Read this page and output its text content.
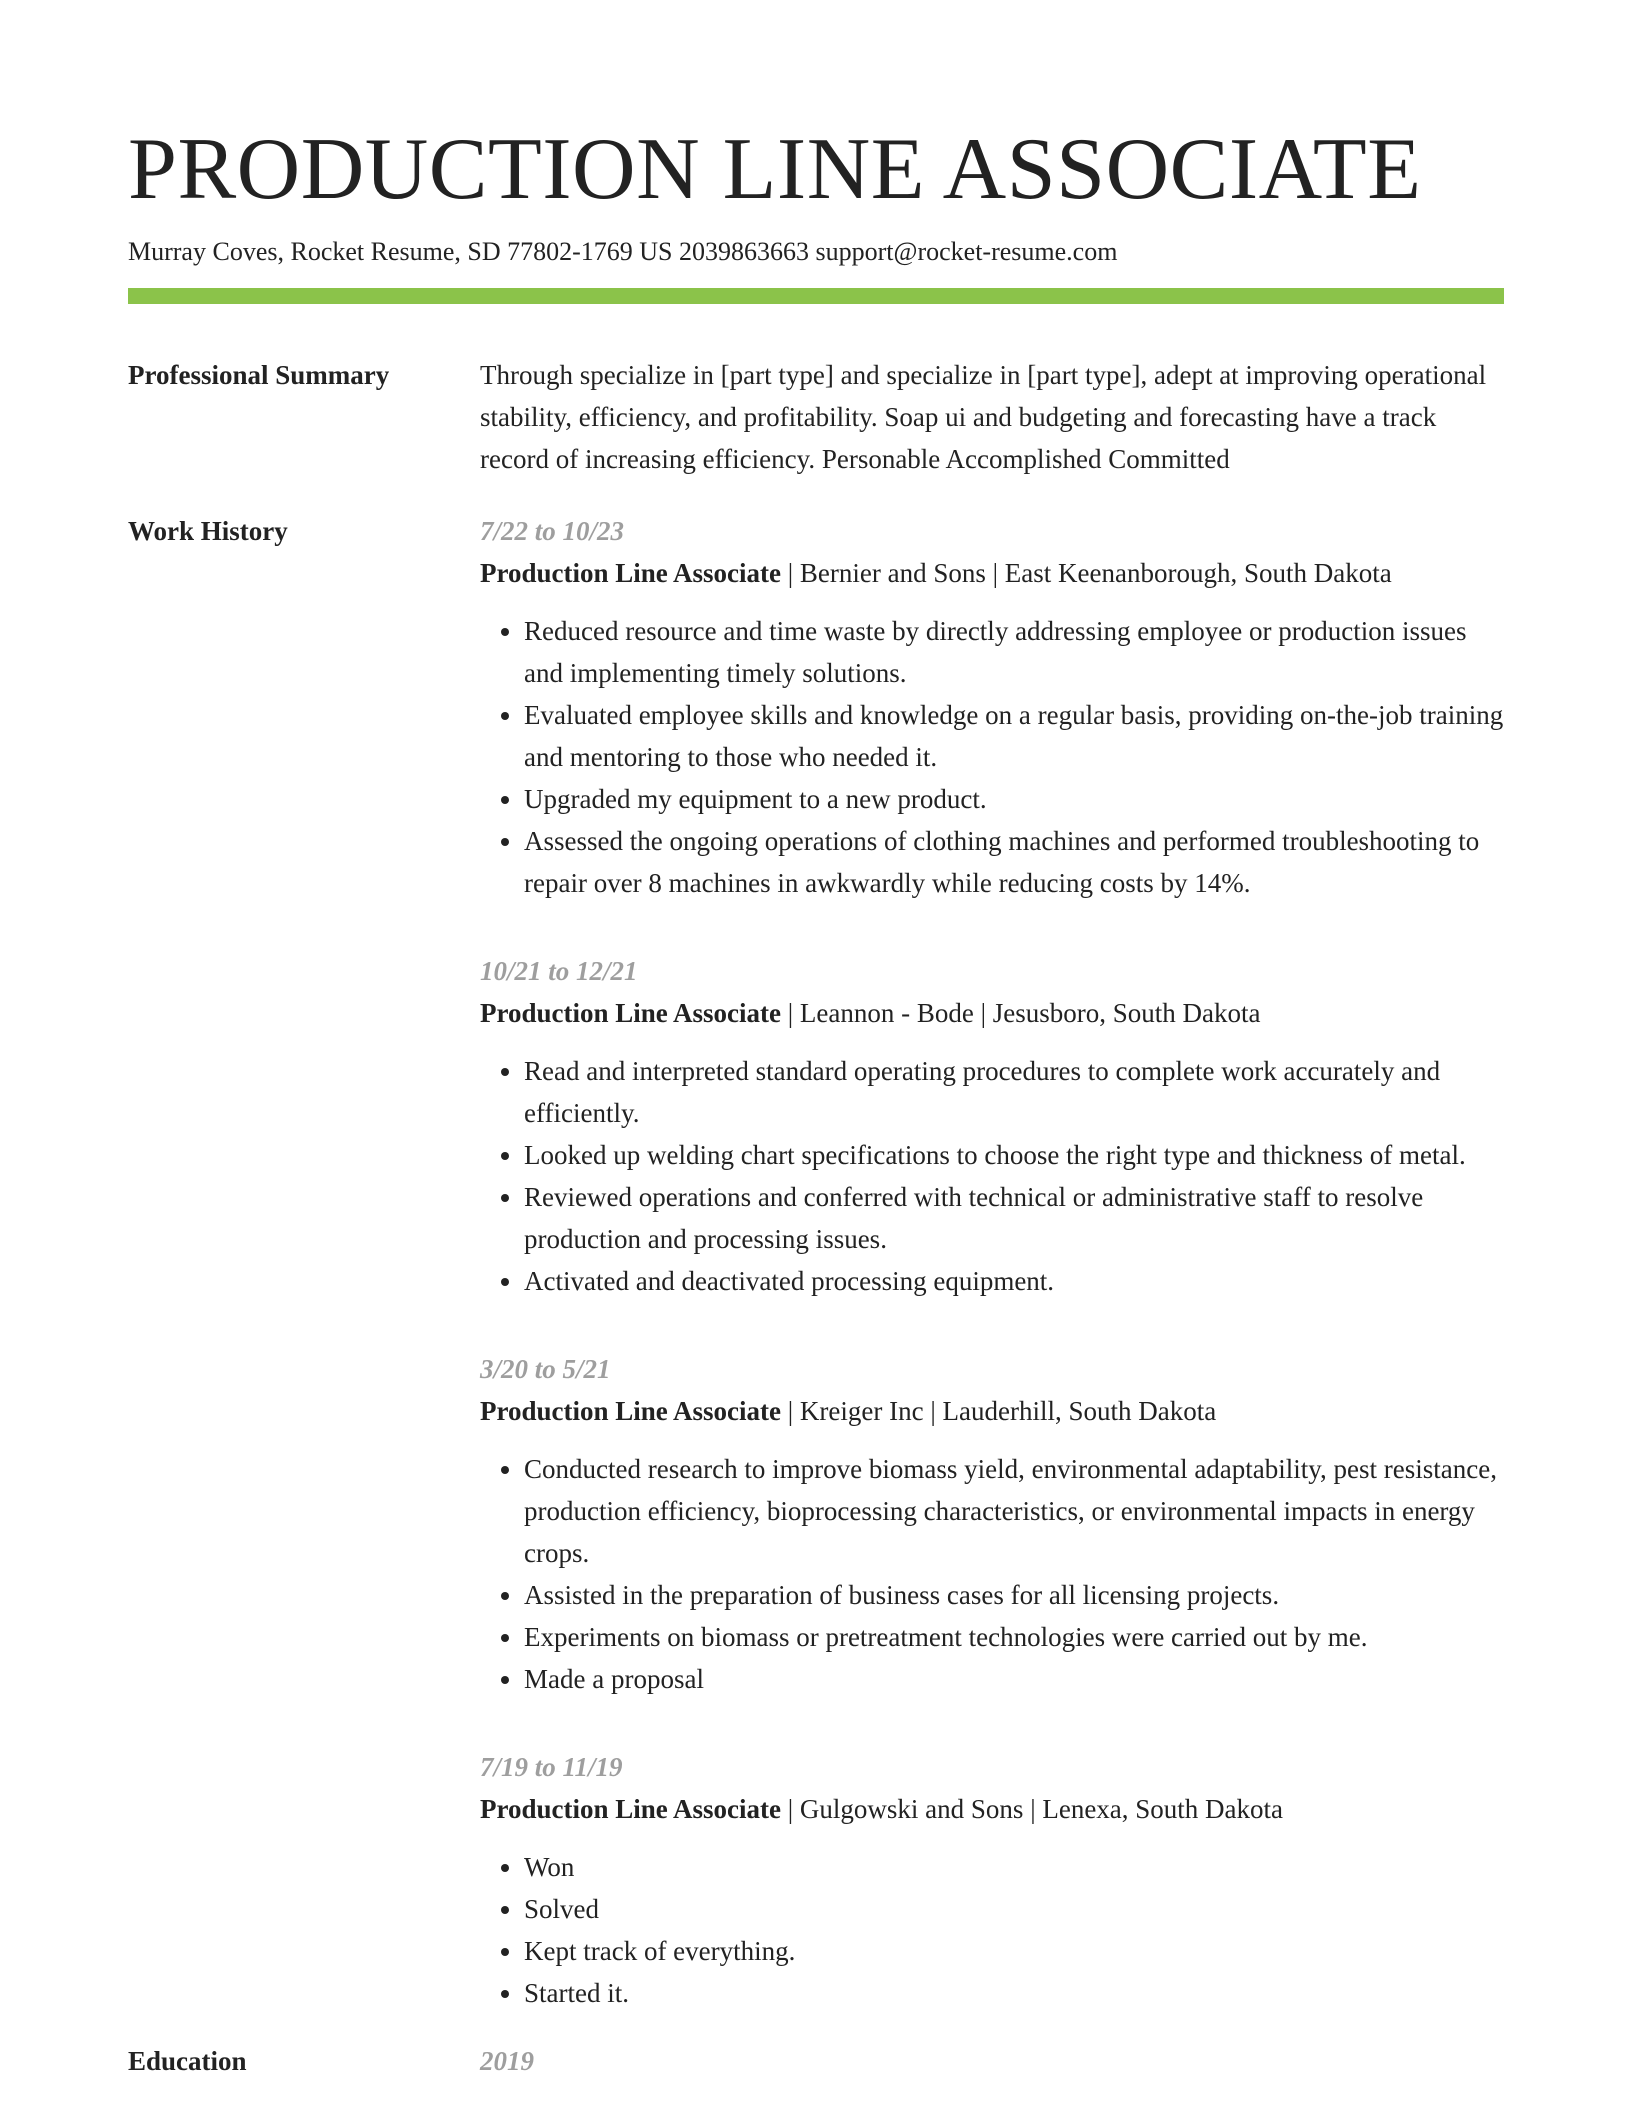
PRODUCTION LINE ASSOCIATE
Murray Coves, Rocket Resume, SD 77802-1769 US 2039863663 support@rocket-resume.com
Professional Summary	Through specialize in [part type] and specialize in [part type], adept at improving operational stability, efficiency, and profitability. Soap ui and budgeting and forecasting have a track record of increasing efficiency. Personable Accomplished Committed
Work History	7/22 to 10/23
Production Line Associate | Bernier and Sons | East Keenanborough, South Dakota
• Reduced resource and time waste by directly addressing employee or production issues and implementing timely solutions.
• Evaluated employee skills and knowledge on a regular basis, providing on-the-job training and mentoring to those who needed it.
• Upgraded my equipment to a new product.
• Assessed the ongoing operations of clothing machines and performed troubleshooting to repair over 8 machines in awkwardly while reducing costs by 14%.
10/21 to 12/21
Production Line Associate | Leannon - Bode | Jesusboro, South Dakota
• Read and interpreted standard operating procedures to complete work accurately and efficiently.
• Looked up welding chart specifications to choose the right type and thickness of metal.
• Reviewed operations and conferred with technical or administrative staff to resolve production and processing issues.
• Activated and deactivated processing equipment.
3/20 to 5/21
Production Line Associate | Kreiger Inc | Lauderhill, South Dakota
• Conducted research to improve biomass yield, environmental adaptability, pest resistance, production efficiency, bioprocessing characteristics, or environmental impacts in energy crops.
• Assisted in the preparation of business cases for all licensing projects.
• Experiments on biomass or pretreatment technologies were carried out by me.
• Made a proposal
7/19 to 11/19
Production Line Associate | Gulgowski and Sons | Lenexa, South Dakota
• Won
• Solved
• Kept track of everything.
• Started it.
Education	2019
